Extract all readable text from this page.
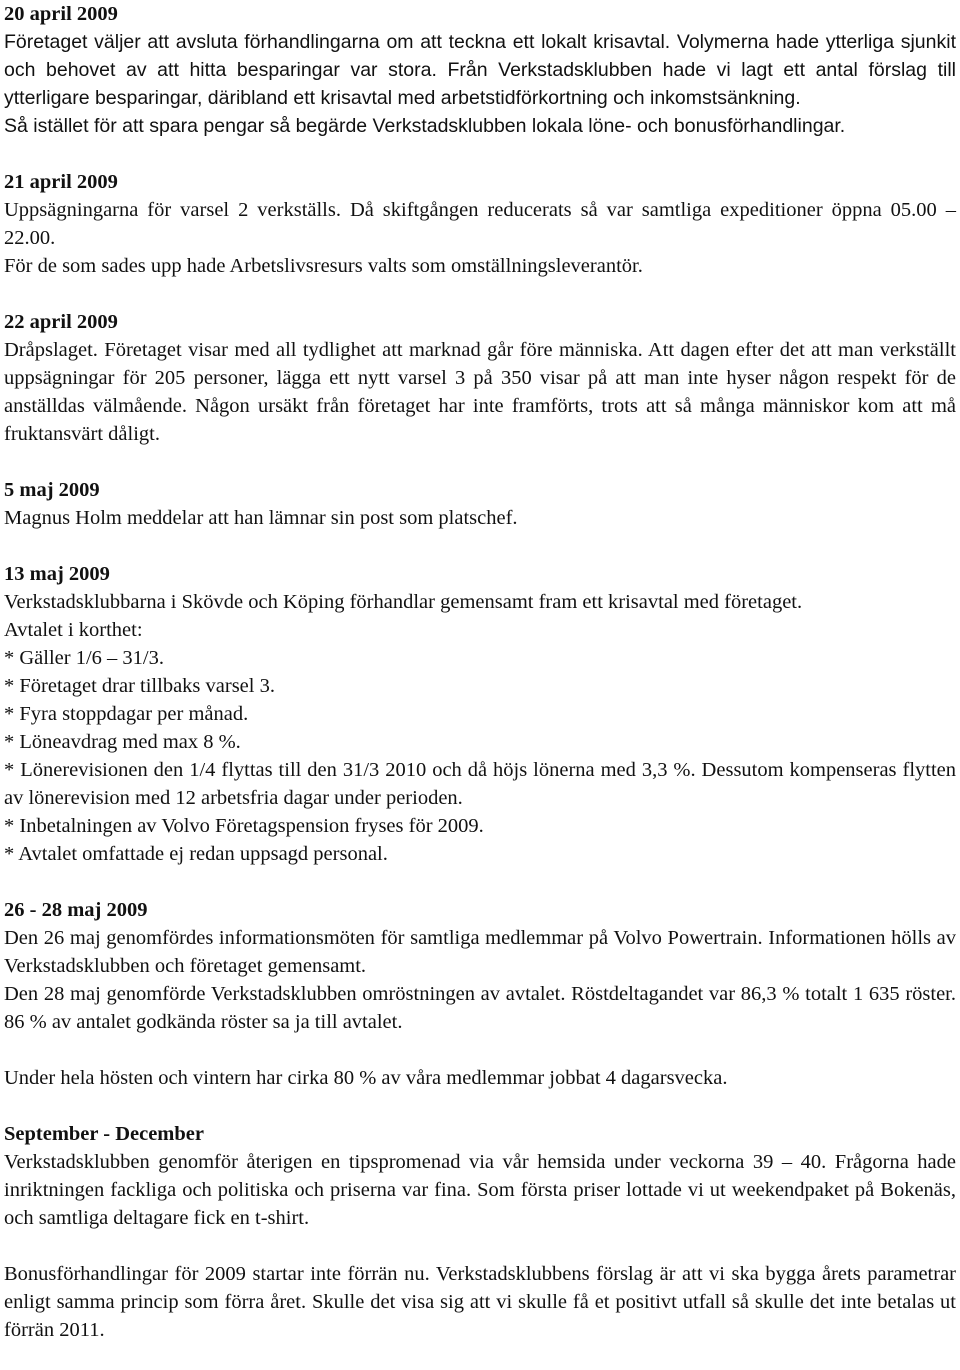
20 april 2009
Företaget väljer att avsluta förhandlingarna om att teckna ett lokalt krisavtal. Volymerna hade ytterliga sjunkit och behovet av att hitta besparingar var stora. Från Verkstadsklubben hade vi lagt ett antal förslag till ytterligare besparingar, däribland ett krisavtal med arbetstidförkortning och inkomstsänkning.
Så istället för att spara pengar så begärde Verkstadsklubben lokala löne- och bonusförhandlingar.
21 april 2009
Uppsägningarna för varsel 2 verkställs. Då skiftgången reducerats så var samtliga expeditioner öppna 05.00 – 22.00.
För de som sades upp hade Arbetslivsresurs valts som omställningsleverantör.
22 april 2009
Dråpslaget. Företaget visar med all tydlighet att marknad går före människa. Att dagen efter det att man verkställt uppsägningar för 205 personer, lägga ett nytt varsel 3 på 350 visar på att man inte hyser någon respekt för de anställdas välmående. Någon ursäkt från företaget har inte framförts, trots att så många människor kom att må fruktansvärt dåligt.
5 maj 2009
Magnus Holm meddelar att han lämnar sin post som platschef.
13 maj 2009
Verkstadsklubbarna i Skövde och Köping förhandlar gemensamt fram ett krisavtal med företaget.
Avtalet i korthet:
* Gäller 1/6 – 31/3.
* Företaget drar tillbaks varsel 3.
* Fyra stoppdagar per månad.
* Löneavdrag med max 8 %.
* Lönerevisionen den 1/4 flyttas till den 31/3 2010 och då höjs lönerna med 3,3 %. Dessutom kompenseras flytten av lönerevision med 12 arbetsfria dagar under perioden.
* Inbetalningen av Volvo Företagspension fryses för 2009.
* Avtalet omfattade ej redan uppsagd personal.
26 - 28 maj 2009
Den 26 maj genomfördes informationsmöten för samtliga medlemmar på Volvo Powertrain. Informationen hölls av Verkstadsklubben och företaget gemensamt.
Den 28 maj genomförde Verkstadsklubben omröstningen av avtalet. Röstdeltagandet var 86,3 % totalt 1 635 röster. 86 % av antalet godkända röster sa ja till avtalet.
Under hela hösten och vintern har cirka 80 % av våra medlemmar jobbat 4 dagarsvecka.
September - December
Verkstadsklubben genomför återigen en tipspromenad via vår hemsida under veckorna 39 – 40. Frågorna hade inriktningen fackliga och politiska och priserna var fina. Som första priser lottade vi ut weekendpaket på Bokenäs, och samtliga deltagare fick en t-shirt.
Bonusförhandlingar för 2009 startar inte förrän nu. Verkstadsklubbens förslag är att vi ska bygga årets parametrar enligt samma princip som förra året. Skulle det visa sig att vi skulle få et positivt utfall så skulle det inte betalas ut förrän 2011.
